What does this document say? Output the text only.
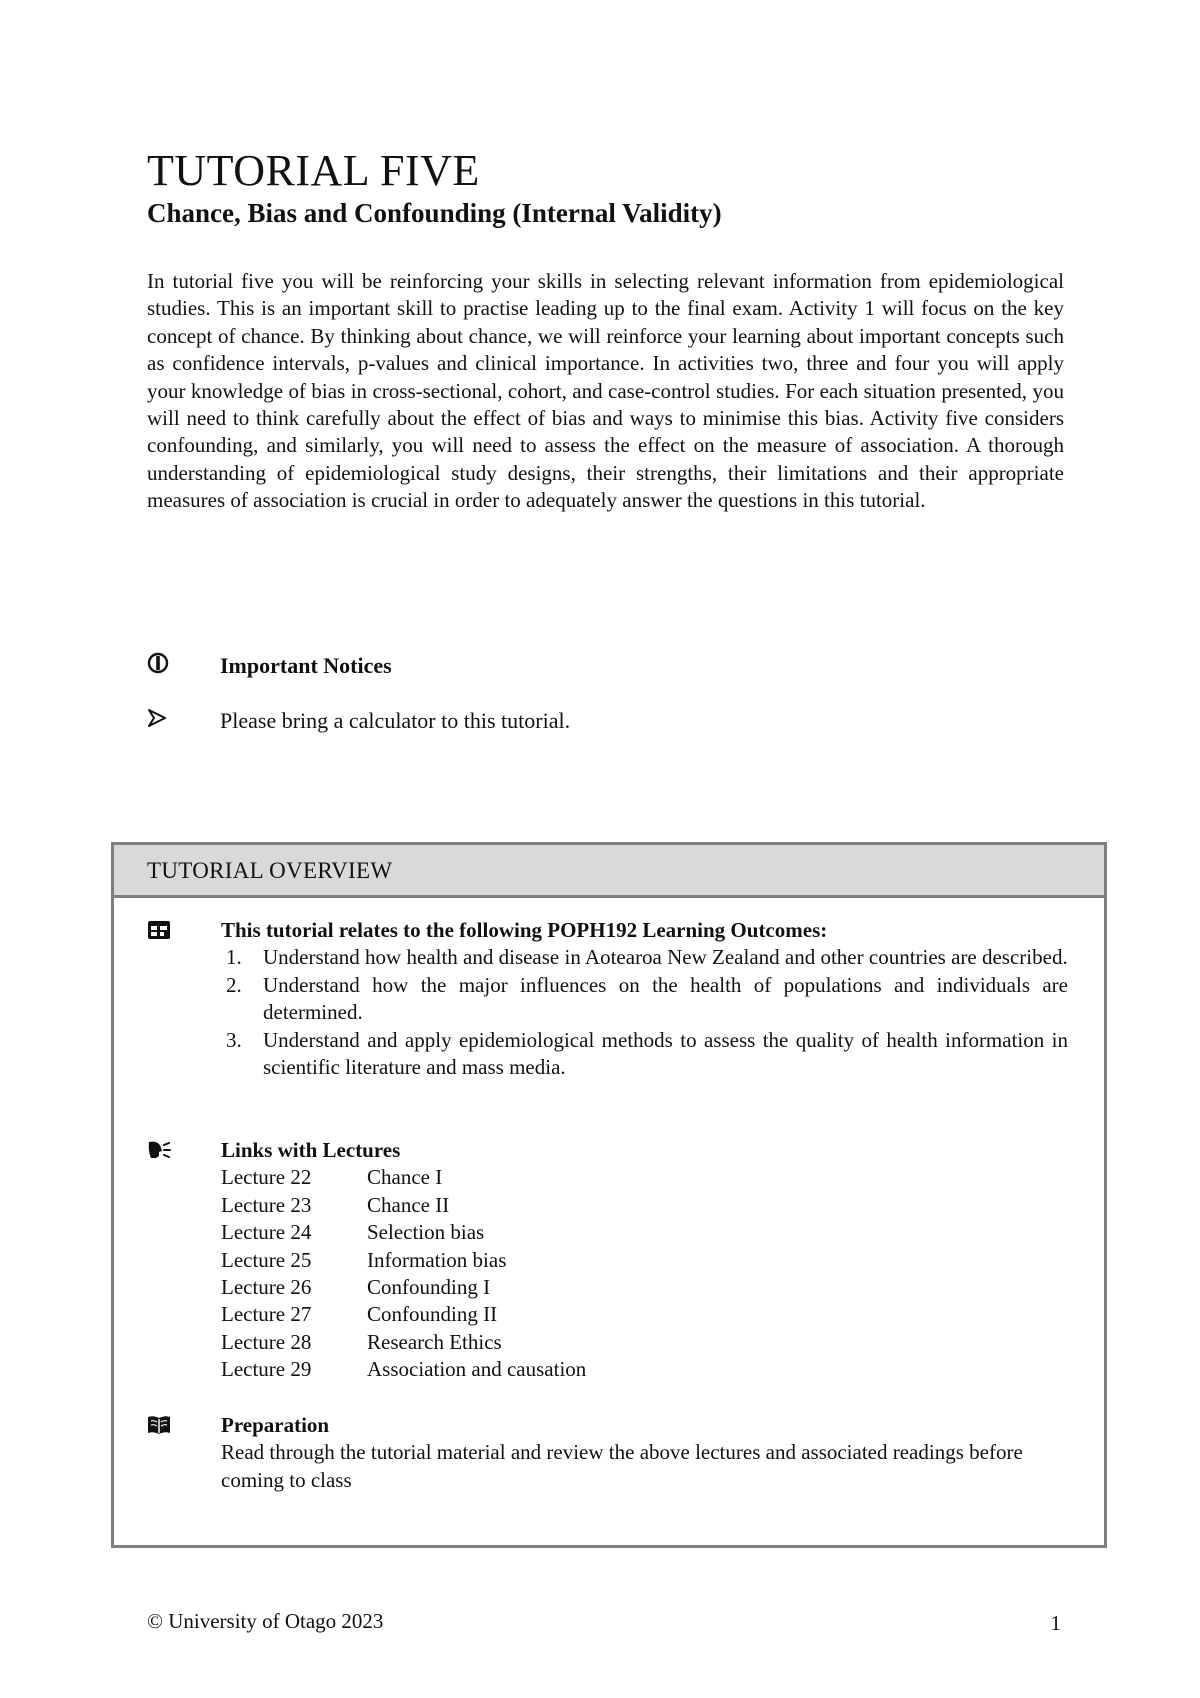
TUTORIAL FIVE
Chance, Bias and Confounding (Internal Validity)

In tutorial five you will be reinforcing your skills in selecting relevant information from epidemiological studies. This is an important skill to practise leading up to the final exam. Activity 1 will focus on the key concept of chance. By thinking about chance, we will reinforce your learning about important concepts such as confidence intervals, p-values and clinical importance. In activities two, three and four you will apply your knowledge of bias in cross-sectional, cohort, and case-control studies. For each situation presented, you will need to think carefully about the effect of bias and ways to minimise this bias. Activity five considers confounding, and similarly, you will need to assess the effect on the measure of association. A thorough understanding of epidemiological study designs, their strengths, their limitations and their appropriate measures of association is crucial in order to adequately answer the questions in this tutorial.

Important Notices
Please bring a calculator to this tutorial.
TUTORIAL OVERVIEW
This tutorial relates to the following POPH192 Learning Outcomes:
1. Understand how health and disease in Aotearoa New Zealand and other countries are described.
2. Understand how the major influences on the health of populations and individuals are determined.
3. Understand and apply epidemiological methods to assess the quality of health information in scientific literature and mass media.
Links with Lectures
Lecture 22	Chance I
Lecture 23	Chance II
Lecture 24	Selection bias
Lecture 25	Information bias
Lecture 26	Confounding I
Lecture 27	Confounding II
Lecture 28	Research Ethics
Lecture 29	Association and causation
Preparation
Read through the tutorial material and review the above lectures and associated readings before coming to class
© University of Otago 2023	1
